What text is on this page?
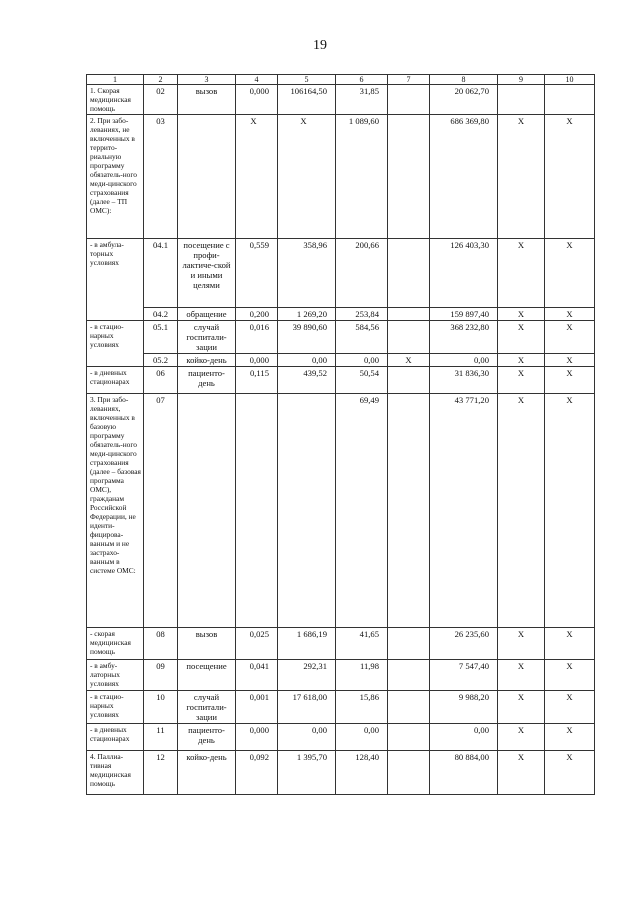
19
1	2	3	4	5	6	7	8	9	10
1. Скорая медицинская помощь	02	вызов	0,000	106164,50	31,85		20 062,70		
2. При забо-леваниях, не включенных в террито-риальную программу обязатель-ного меди-цинского страхования (далее – ТП ОМС):	03		X	X	1 089,60		686 369,80	X	X
- в амбула-торных условиях	04.1	посещение с профи-лактиче-ской и иными целями	0,559	358,96	200,66		126 403,30	X	X
	04.2	обращение	0,200	1 269,20	253,84		159 897,40	X	X
- в стацио-нарных условиях	05.1	случай госпитали-зации	0,016	39 890,60	584,56		368 232,80	X	X
	05.2	койко-день	0,000	0,00	0,00	X	0,00	X	X
- в дневных стационарах	06	пациенто-день	0,115	439,52	50,54		31 836,30	X	X
3. При забо-леваниях, включенных в базовую программу обязатель-ного меди-цинского страхования (далее – базовая программа ОМС), гражданам Российской Федерации, не иденти-фицирова-ванным и не застрахо-ванным в системе ОМС:	07				69,49		43 771,20	X	X
- скорая медицинская помощь	08	вызов	0,025	1 686,19	41,65		26 235,60	X	X
- в амбу-латорных условиях	09	посещение	0,041	292,31	11,98		7 547,40	X	X
- в стацио-нарных условиях	10	случай госпитали-зации	0,001	17 618,00	15,86		9 988,20	X	X
- в дневных стационарах	11	пациенто-день	0,000	0,00	0,00		0,00	X	X
4. Паллиа-тивная медицинская помощь	12	койко-день	0,092	1 395,70	128,40		80 884,00	X	X
